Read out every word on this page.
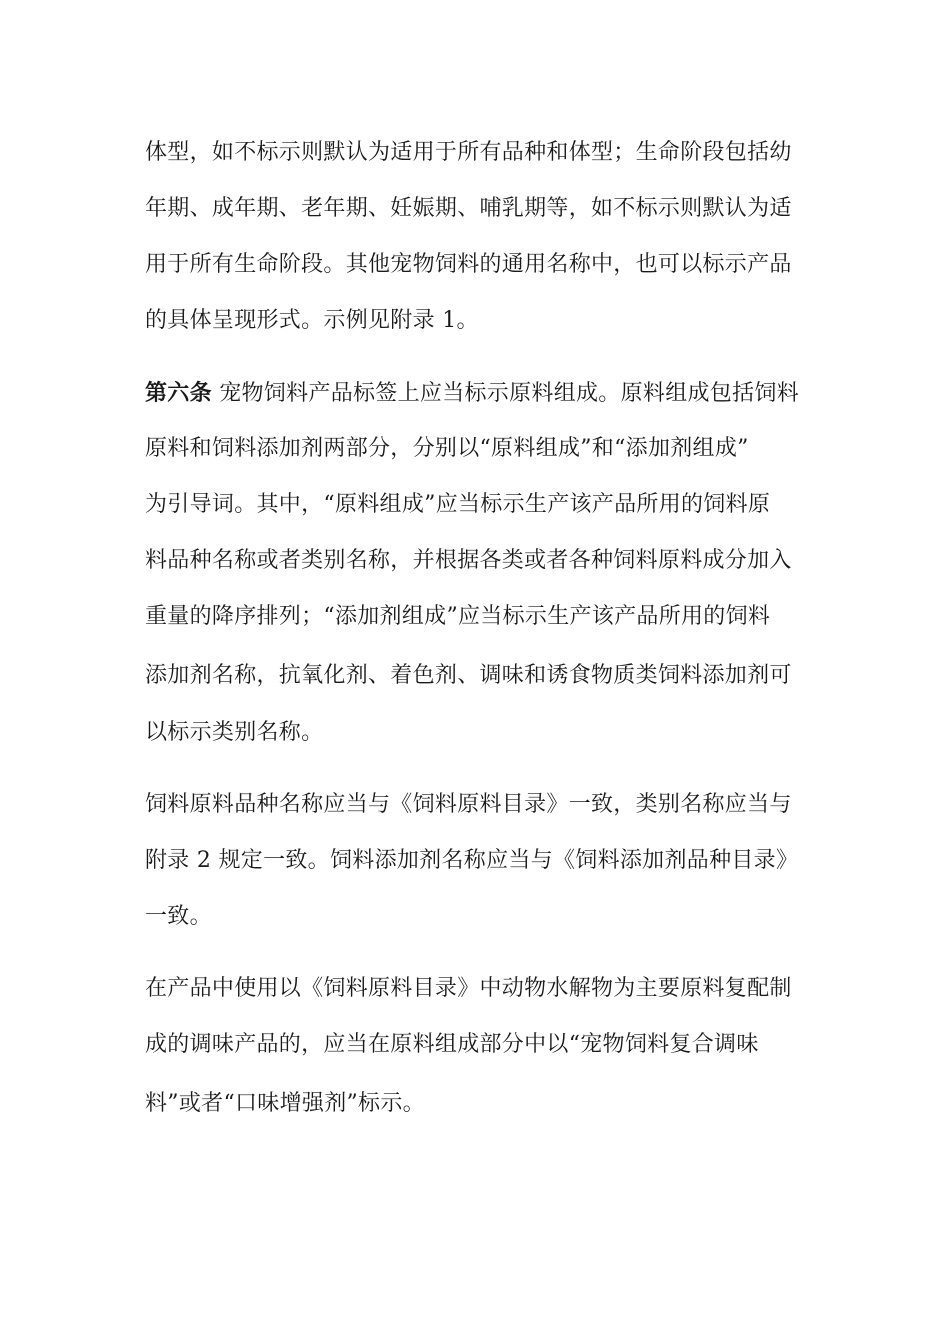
体型，如不标示则默认为适用于所有品种和体型；生命阶段包括幼
年期、成年期、老年期、妊娠期、哺乳期等，如不标示则默认为适
用于所有生命阶段。其他宠物饲料的通用名称中，也可以标示产品
的具体呈现形式。示例见附录 1。
第六条 宠物饲料产品标签上应当标示原料组成。原料组成包括饲料
原料和饲料添加剂两部分，分别以“原料组成”和“添加剂组成”
为引导词。其中，“原料组成”应当标示生产该产品所用的饲料原
料品种名称或者类别名称，并根据各类或者各种饲料原料成分加入
重量的降序排列；“添加剂组成”应当标示生产该产品所用的饲料
添加剂名称，抗氧化剂、着色剂、调味和诱食物质类饲料添加剂可
以标示类别名称。
饲料原料品种名称应当与《饲料原料目录》一致，类别名称应当与
附录 2 规定一致。饲料添加剂名称应当与《饲料添加剂品种目录》
一致。
在产品中使用以《饲料原料目录》中动物水解物为主要原料复配制
成的调味产品的，应当在原料组成部分中以“宠物饲料复合调味
料”或者“口味增强剂”标示。
